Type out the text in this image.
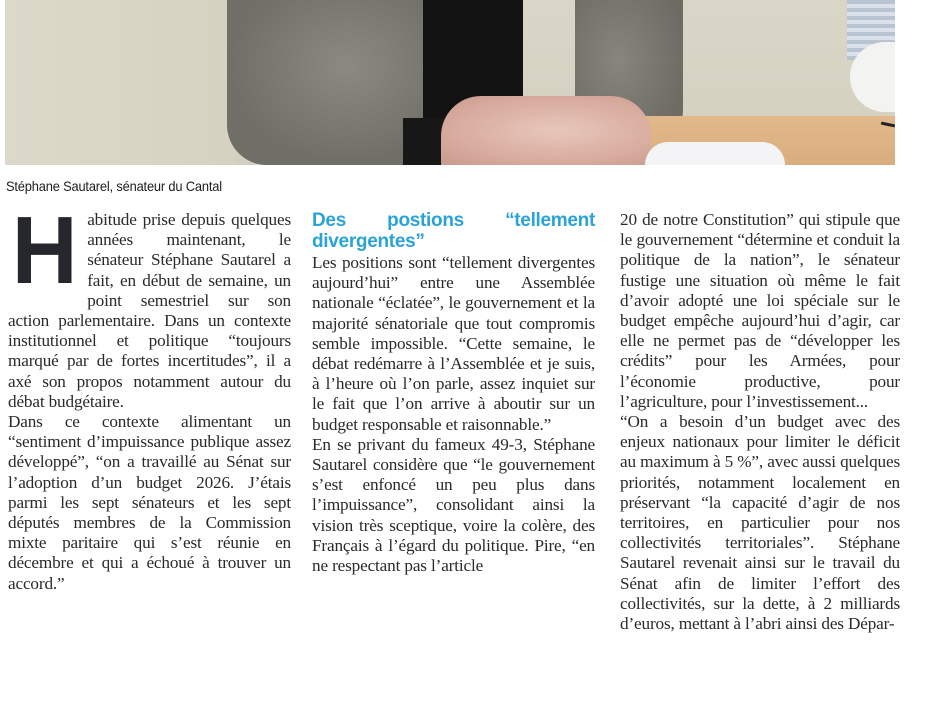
Stéphane Sautarel, sénateur du Cantal
H abitude prise depuis quelques années maintenant, le sénateur Stéphane Sautarel a fait, en début de semaine, un point semestriel sur son action parlementaire. Dans un contexte institutionnel et politique “toujours marqué par de fortes incertitudes”, il a axé son propos notamment autour du débat budgétaire.

Dans ce contexte alimentant un “sentiment d’impuissance publique assez développé”, “on a travaillé au Sénat sur l’adoption d’un budget 2026. J’étais parmi les sept sénateurs et les sept députés membres de la Commission mixte paritaire qui s’est réunie en décembre et qui a échoué à trouver un accord.”

Des postions “tellement divergentes”

Les positions sont “tellement divergentes aujourd’hui” entre une Assemblée nationale “éclatée”, le gouvernement et la majorité sénatoriale que tout compromis semble impossible. “Cette semaine, le débat redémarre à l’Assemblée et je suis, à l’heure où l’on parle, assez inquiet sur le fait que l’on arrive à aboutir sur un budget responsable et raisonnable.”

En se privant du fameux 49-3, Stéphane Sautarel considère que “le gouvernement s’est enfoncé un peu plus dans l’impuissance”, consolidant ainsi la vision très sceptique, voire la colère, des Français à l’égard du politique. Pire, “en ne respectant pas l’article

20 de notre Constitution” qui stipule que le gouvernement “détermine et conduit la politique de la nation”, le sénateur fustige une situation où même le fait d’avoir adopté une loi spéciale sur le budget empêche aujourd’hui d’agir, car elle ne permet pas de “développer les crédits” pour les Armées, pour l’économie productive, pour l’agriculture, pour l’investissement...

“On a besoin d’un budget avec des enjeux nationaux pour limiter le déficit au maximum à 5 %”, avec aussi quelques priorités, notamment localement en préservant “la capacité d’agir de nos territoires, en particulier pour nos collectivités territoriales”. Stéphane Sautarel revenait ainsi sur le travail du Sénat afin de limiter l’effort des collectivités, sur la dette, à 2 milliards d’euros, mettant à l’abri ainsi des Dépar-
